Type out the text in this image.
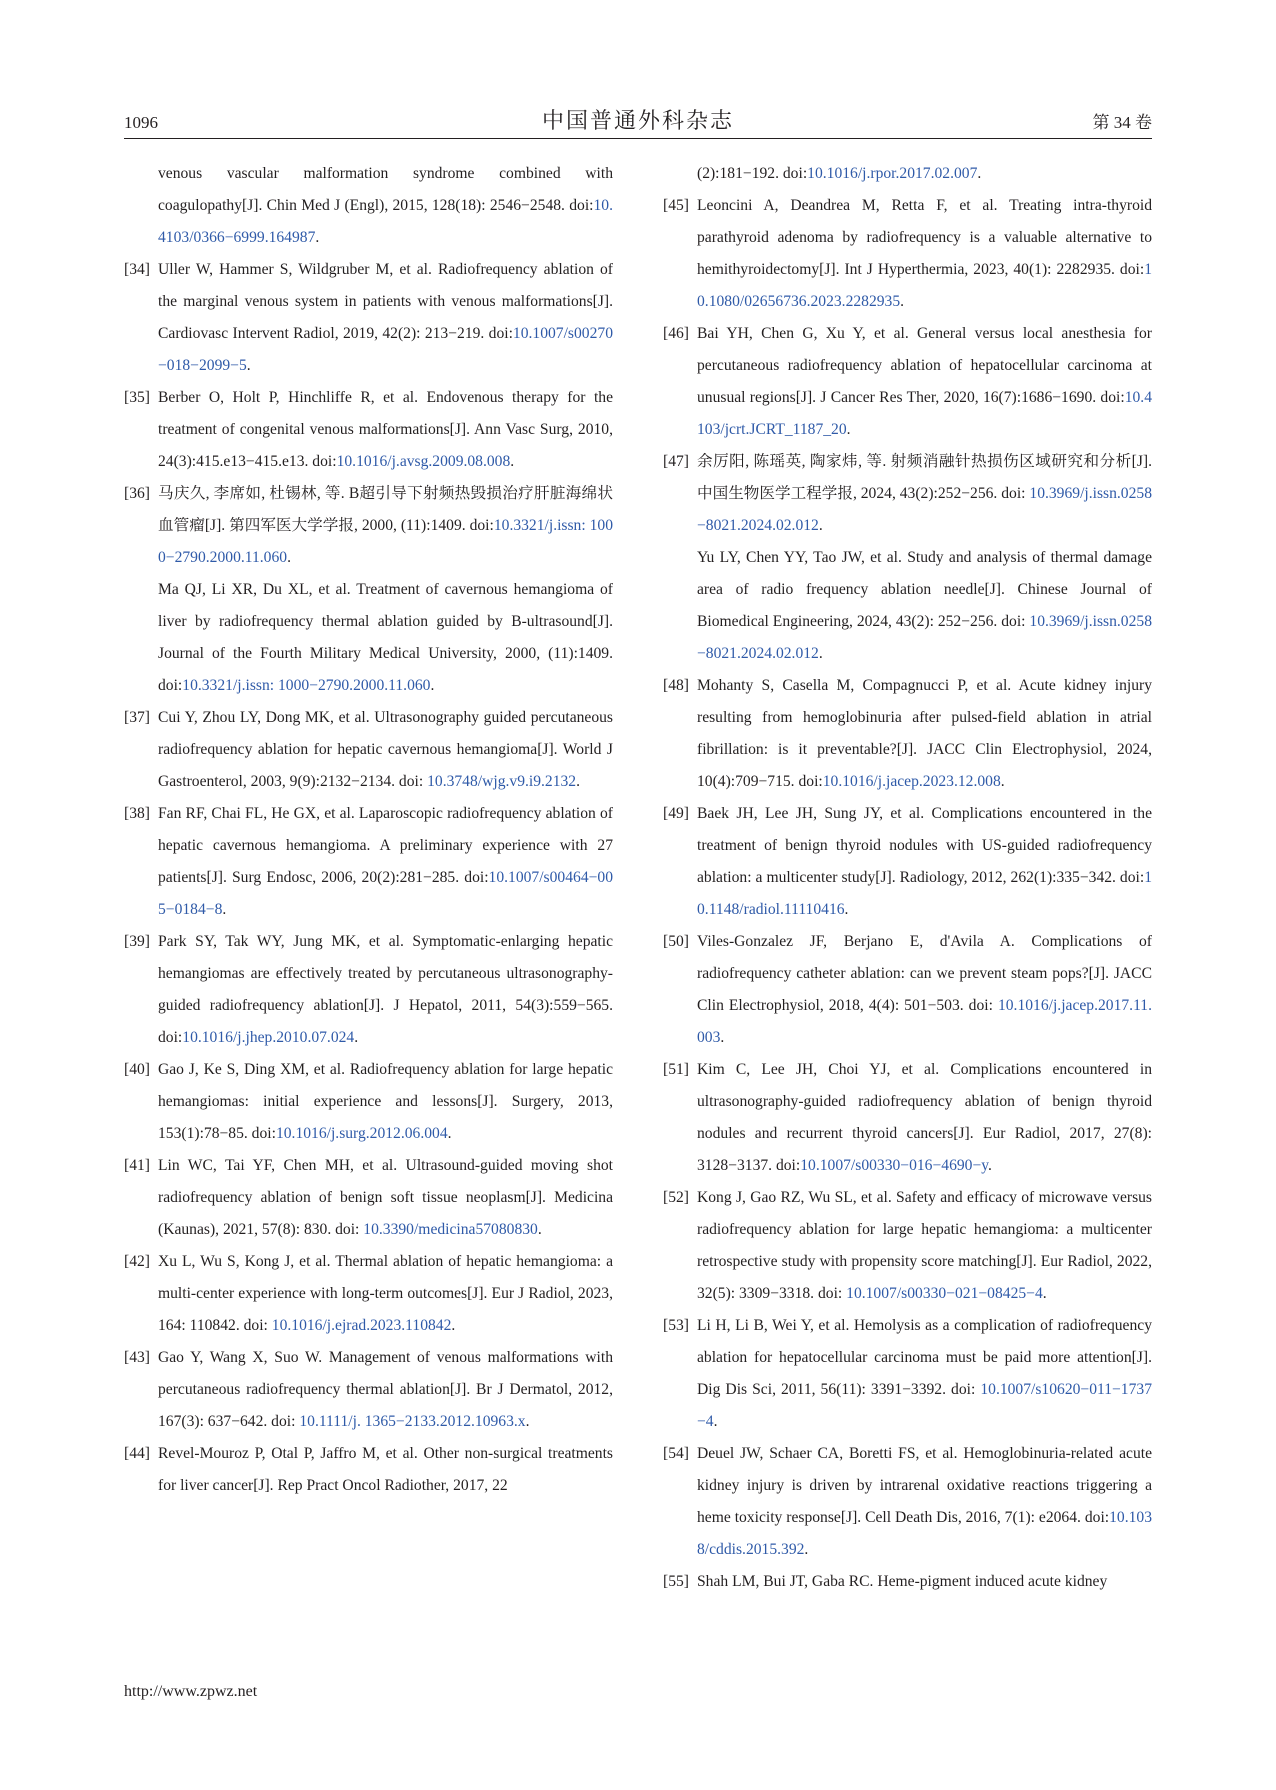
1096	中国普通外科杂志	第 34 卷
venous vascular malformation syndrome combined with coagulopathy[J]. Chin Med J (Engl), 2015, 128(18): 2546−2548. doi:10.4103/0366−6999.164987.
[34] Uller W, Hammer S, Wildgruber M, et al. Radiofrequency ablation of the marginal venous system in patients with venous malformations[J]. Cardiovasc Intervent Radiol, 2019, 42(2): 213−219. doi:10.1007/s00270−018−2099−5.
[35] Berber O, Holt P, Hinchliffe R, et al. Endovenous therapy for the treatment of congenital venous malformations[J]. Ann Vasc Surg, 2010, 24(3):415.e13−415.e13. doi:10.1016/j.avsg.2009.08.008.
[36] 马庆久, 李席如, 杜锡林, 等. B超引导下射频热毁损治疗肝脏海绵状血管瘤[J]. 第四军医大学学报, 2000, (11):1409. doi:10.3321/j.issn: 1000−2790.2000.11.060.
Ma QJ, Li XR, Du XL, et al. Treatment of cavernous hemangioma of liver by radiofrequency thermal ablation guided by B-ultrasound[J]. Journal of the Fourth Military Medical University, 2000, (11):1409. doi:10.3321/j.issn: 1000−2790.2000.11.060.
[37] Cui Y, Zhou LY, Dong MK, et al. Ultrasonography guided percutaneous radiofrequency ablation for hepatic cavernous hemangioma[J]. World J Gastroenterol, 2003, 9(9):2132−2134. doi: 10.3748/wjg.v9.i9.2132.
[38] Fan RF, Chai FL, He GX, et al. Laparoscopic radiofrequency ablation of hepatic cavernous hemangioma. A preliminary experience with 27 patients[J]. Surg Endosc, 2006, 20(2):281−285. doi:10.1007/s00464−005−0184−8.
[39] Park SY, Tak WY, Jung MK, et al. Symptomatic-enlarging hepatic hemangiomas are effectively treated by percutaneous ultrasonography-guided radiofrequency ablation[J]. J Hepatol, 2011, 54(3):559−565. doi:10.1016/j.jhep.2010.07.024.
[40] Gao J, Ke S, Ding XM, et al. Radiofrequency ablation for large hepatic hemangiomas: initial experience and lessons[J]. Surgery, 2013, 153(1):78−85. doi:10.1016/j.surg.2012.06.004.
[41] Lin WC, Tai YF, Chen MH, et al. Ultrasound-guided moving shot radiofrequency ablation of benign soft tissue neoplasm[J]. Medicina (Kaunas), 2021, 57(8): 830. doi: 10.3390/medicina57080830.
[42] Xu L, Wu S, Kong J, et al. Thermal ablation of hepatic hemangioma: a multi-center experience with long-term outcomes[J]. Eur J Radiol, 2023, 164: 110842. doi: 10.1016/j.ejrad.2023.110842.
[43] Gao Y, Wang X, Suo W. Management of venous malformations with percutaneous radiofrequency thermal ablation[J]. Br J Dermatol, 2012, 167(3): 637−642. doi: 10.1111/j. 1365−2133.2012.10963.x.
[44] Revel-Mouroz P, Otal P, Jaffro M, et al. Other non-surgical treatments for liver cancer[J]. Rep Pract Oncol Radiother, 2017, 22
(2):181−192. doi:10.1016/j.rpor.2017.02.007.
[45] Leoncini A, Deandrea M, Retta F, et al. Treating intra-thyroid parathyroid adenoma by radiofrequency is a valuable alternative to hemithyroidectomy[J]. Int J Hyperthermia, 2023, 40(1): 2282935. doi:10.1080/02656736.2023.2282935.
[46] Bai YH, Chen G, Xu Y, et al. General versus local anesthesia for percutaneous radiofrequency ablation of hepatocellular carcinoma at unusual regions[J]. J Cancer Res Ther, 2020, 16(7):1686−1690. doi:10.4103/jcrt.JCRT_1187_20.
[47] 余厉阳, 陈瑶英, 陶家炜, 等. 射频消融针热损伤区域研究和分析[J]. 中国生物医学工程学报, 2024, 43(2):252−256. doi: 10.3969/j.issn.0258−8021.2024.02.012.
Yu LY, Chen YY, Tao JW, et al. Study and analysis of thermal damage area of radio frequency ablation needle[J]. Chinese Journal of Biomedical Engineering, 2024, 43(2): 252−256. doi: 10.3969/j.issn.0258−8021.2024.02.012.
[48] Mohanty S, Casella M, Compagnucci P, et al. Acute kidney injury resulting from hemoglobinuria after pulsed-field ablation in atrial fibrillation: is it preventable?[J]. JACC Clin Electrophysiol, 2024, 10(4):709−715. doi:10.1016/j.jacep.2023.12.008.
[49] Baek JH, Lee JH, Sung JY, et al. Complications encountered in the treatment of benign thyroid nodules with US-guided radiofrequency ablation: a multicenter study[J]. Radiology, 2012, 262(1):335−342. doi:10.1148/radiol.11110416.
[50] Viles-Gonzalez JF, Berjano E, d'Avila A. Complications of radiofrequency catheter ablation: can we prevent steam pops?[J]. JACC Clin Electrophysiol, 2018, 4(4): 501−503. doi: 10.1016/j.jacep.2017.11.003.
[51] Kim C, Lee JH, Choi YJ, et al. Complications encountered in ultrasonography-guided radiofrequency ablation of benign thyroid nodules and recurrent thyroid cancers[J]. Eur Radiol, 2017, 27(8): 3128−3137. doi:10.1007/s00330−016−4690−y.
[52] Kong J, Gao RZ, Wu SL, et al. Safety and efficacy of microwave versus radiofrequency ablation for large hepatic hemangioma: a multicenter retrospective study with propensity score matching[J]. Eur Radiol, 2022, 32(5): 3309−3318. doi: 10.1007/s00330−021−08425−4.
[53] Li H, Li B, Wei Y, et al. Hemolysis as a complication of radiofrequency ablation for hepatocellular carcinoma must be paid more attention[J]. Dig Dis Sci, 2011, 56(11): 3391−3392. doi: 10.1007/s10620−011−1737−4.
[54] Deuel JW, Schaer CA, Boretti FS, et al. Hemoglobinuria-related acute kidney injury is driven by intrarenal oxidative reactions triggering a heme toxicity response[J]. Cell Death Dis, 2016, 7(1): e2064. doi:10.1038/cddis.2015.392.
[55] Shah LM, Bui JT, Gaba RC. Heme-pigment induced acute kidney
http://www.zpwz.net
